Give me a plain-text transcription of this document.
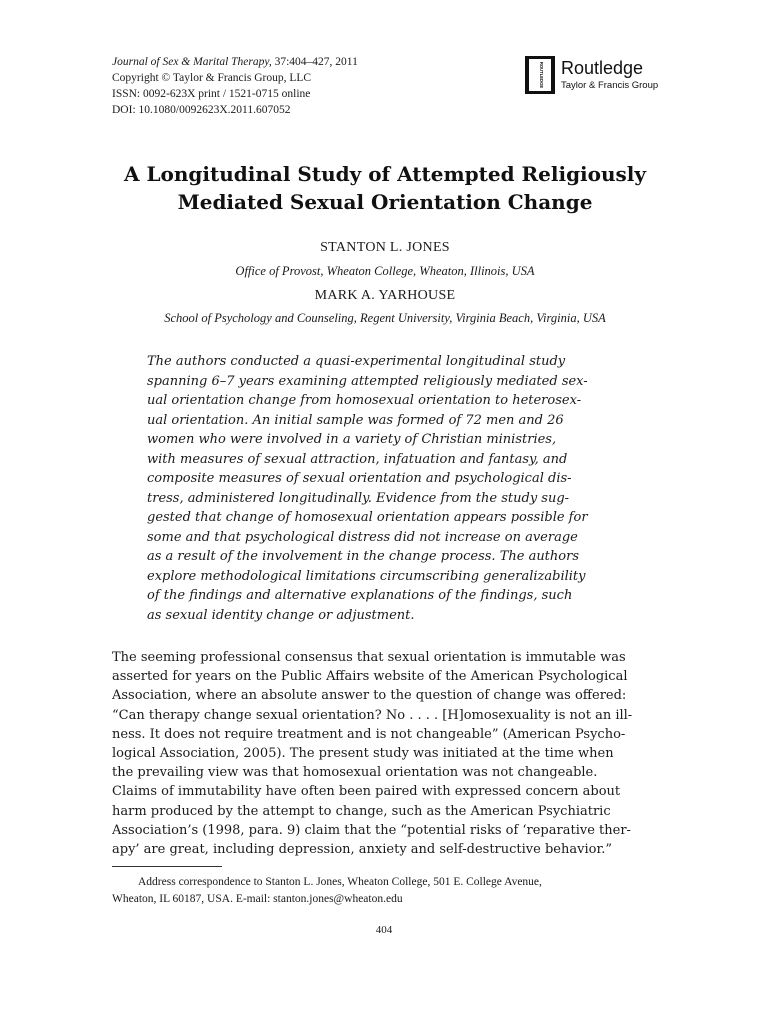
Journal of Sex & Marital Therapy, 37:404–427, 2011
Copyright © Taylor & Francis Group, LLC
ISSN: 0092-623X print / 1521-0715 online
DOI: 10.1080/0092623X.2011.607052
ROUTLEDGE Routledge
Taylor & Francis Group
A Longitudinal Study of Attempted Religiously
Mediated Sexual Orientation Change
STANTON L. JONES
Office of Provost, Wheaton College, Wheaton, Illinois, USA
MARK A. YARHOUSE
School of Psychology and Counseling, Regent University, Virginia Beach, Virginia, USA
The authors conducted a quasi-experimental longitudinal study
spanning 6–7 years examining attempted religiously mediated sex-
ual orientation change from homosexual orientation to heterosex-
ual orientation. An initial sample was formed of 72 men and 26
women who were involved in a variety of Christian ministries,
with measures of sexual attraction, infatuation and fantasy, and
composite measures of sexual orientation and psychological dis-
tress, administered longitudinally. Evidence from the study sug-
gested that change of homosexual orientation appears possible for
some and that psychological distress did not increase on average
as a result of the involvement in the change process. The authors
explore methodological limitations circumscribing generalizability
of the findings and alternative explanations of the findings, such
as sexual identity change or adjustment.
The seeming professional consensus that sexual orientation is immutable was
asserted for years on the Public Affairs website of the American Psychological
Association, where an absolute answer to the question of change was offered:
“Can therapy change sexual orientation? No . . . . [H]omosexuality is not an ill-
ness. It does not require treatment and is not changeable” (American Psycho-
logical Association, 2005). The present study was initiated at the time when
the prevailing view was that homosexual orientation was not changeable.
Claims of immutability have often been paired with expressed concern about
harm produced by the attempt to change, such as the American Psychiatric
Association’s (1998, para. 9) claim that the “potential risks of ‘reparative ther-
apy’ are great, including depression, anxiety and self-destructive behavior.”
Address correspondence to Stanton L. Jones, Wheaton College, 501 E. College Avenue,
Wheaton, IL 60187, USA. E-mail: stanton.jones@wheaton.edu
404
